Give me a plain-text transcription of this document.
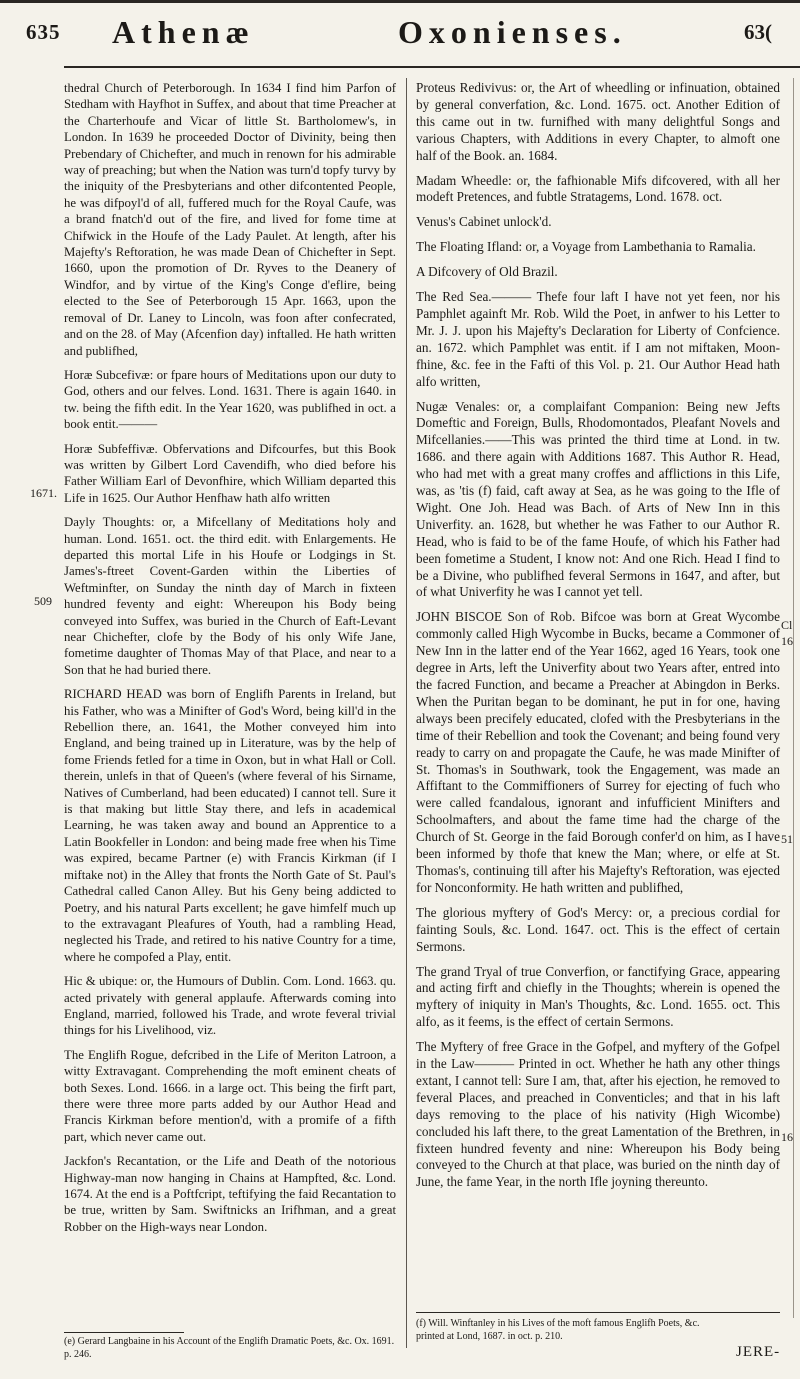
635 Athenæ	Oxonienses.	63(
1671.
509
Cl
16
51
16

thedral Church of Peterborough. In 1634 I find him Parfon of Stedham with Hayfhot in Suffex, and about that time Preacher at the Charterhoufe and Vicar of little St. Bartholomew's, in London. In 1639 he proceeded Doctor of Divinity, being then Prebendary of Chichefter, and much in renown for his admirable way of preaching; but when the Nation was turn'd topfy turvy by the iniquity of the Presbyterians and other difcontented People, he was difpoyl'd of all, fuffered much for the Royal Caufe, was a brand fnatch'd out of the fire, and lived for fome time at Chifwick in the Houfe of the Lady Paulet. At length, after his Majefty's Reftoration, he was made Dean of Chichefter in Sept. 1660, upon the promotion of Dr. Ryves to the Deanery of Windfor, and by virtue of the King's Conge d'eflire, being elected to the See of Peterborough 15 Apr. 1663, upon the removal of Dr. Laney to Lincoln, was foon after confecrated, and on the 28. of May (Afcenfion day) inftalled. He hath written and publifhed,

Horæ Subcefivæ: or fpare hours of Meditations upon our duty to God, others and our felves. Lond. 1631. There is again 1640. in tw. being the fifth edit. In the Year 1620, was publifhed in oct. a book entit.———

Horæ Subfeffivæ. Obfervations and Difcourfes, but this Book was written by Gilbert Lord Cavendifh, who died before his Father William Earl of Devonfhire, which William departed this Life in 1625. Our Author Henfhaw hath alfo written

Dayly Thoughts: or, a Mifcellany of Meditations holy and human. Lond. 1651. oct. the third edit. with Enlargements. He departed this mortal Life in his Houfe or Lodgings in St. James's-ftreet Covent-Garden within the Liberties of Weftminfter, on Sunday the ninth day of March in fixteen hundred feventy and eight: Whereupon his Body being conveyed into Suffex, was buried in the Church of Eaft-Levant near Chichefter, clofe by the Body of his only Wife Jane, fometime daughter of Thomas May of that Place, and near to a Son that he had buried there.

RICHARD HEAD was born of Englifh Parents in Ireland, but his Father, who was a Minifter of God's Word, being kill'd in the Rebellion there, an. 1641, the Mother conveyed him into England, and being trained up in Literature, was by the help of fome Friends fetled for a time in Oxon, but in what Hall or Coll. therein, unlefs in that of Queen's (where feveral of his Sirname, Natives of Cumberland, had been educated) I cannot tell. Sure it is that making but little Stay there, and lefs in academical Learning, he was taken away and bound an Apprentice to a Latin Bookfeller in London: and being made free when his Time was expired, became Partner (e) with Francis Kirkman (if I miftake not) in the Alley that fronts the North Gate of St. Paul's Cathedral called Canon Alley. But his Geny being addicted to Poetry, and his natural Parts excellent; he gave himfelf much up to the extravagant Pleafures of Youth, had a rambling Head, neglected his Trade, and retired to his native Country for a time, where he compofed a Play, entit.

Hic & ubique: or, the Humours of Dublin. Com. Lond. 1663. qu. acted privately with general applaufe. Afterwards coming into England, married, followed his Trade, and wrote feveral trivial things for his Livelihood, viz.

The Englifh Rogue, defcribed in the Life of Meriton Latroon, a witty Extravagant. Comprehending the moft eminent cheats of both Sexes. Lond. 1666. in a large oct. This being the firft part, there were three more parts added by our Author Head and Francis Kirkman before mention'd, with a promife of a fifth part, which never came out.

Jackfon's Recantation, or the Life and Death of the notorious Highway-man now hanging in Chains at Hampfted, &c. Lond. 1674. At the end is a Poftfcript, teftifying the faid Recantation to be true, written by Sam. Swiftnicks an Irifhman, and a great Robber on the High-ways near London.

(e) Gerard Langbaine in his Account of the Englifh Dramatic Poets, &c. Ox. 1691. p. 246.

Proteus Redivivus: or, the Art of wheedling or infinuation, obtained by general converfation, &c. Lond. 1675. oct. Another Edition of this came out in tw. furnifhed with many delightful Songs and various Chapters, with Additions in every Chapter, to almoft one half of the Book. an. 1684.

Madam Wheedle: or, the fafhionable Mifs difcovered, with all her modeft Pretences, and fubtle Stratagems, Lond. 1678. oct.

Venus's Cabinet unlock'd.

The Floating Ifland: or, a Voyage from Lambethania to Ramalia.

A Difcovery of Old Brazil.

The Red Sea.——— Thefe four laft I have not yet feen, nor his Pamphlet againft Mr. Rob. Wild the Poet, in anfwer to his Letter to Mr. J. J. upon his Majefty's Declaration for Liberty of Confcience. an. 1672. which Pamphlet was entit. if I am not miftaken, Moon-fhine, &c. fee in the Fafti of this Vol. p. 21. Our Author Head hath alfo written,

Nugæ Venales: or, a complaifant Companion: Being new Jefts Domeftic and Foreign, Bulls, Rhodomontados, Pleafant Novels and Mifcellanies.——This was printed the third time at Lond. in tw. 1686. and there again with Additions 1687. This Author R. Head, who had met with a great many croffes and afflictions in this Life, was, as 'tis (f) faid, caft away at Sea, as he was going to the Ifle of Wight. One Joh. Head was Bach. of Arts of New Inn in this Univerfity. an. 1628, but whether he was Father to our Author R. Head, who is faid to be of the fame Houfe, of which his Father had been fometime a Student, I know not: And one Rich. Head I find to be a Divine, who publifhed feveral Sermons in 1647, and after, but of what Univerfity he was I cannot yet tell.

JOHN BISCOE Son of Rob. Bifcoe was born at Great Wycombe commonly called High Wycombe in Bucks, became a Commoner of New Inn in the latter end of the Year 1662, aged 16 Years, took one degree in Arts, left the Univerfity about two Years after, entred into the facred Function, and became a Preacher at Abingdon in Berks. When the Puritan began to be dominant, he put in for one, having always been precifely educated, clofed with the Presbyterians in the time of their Rebellion and took the Covenant; and being found very ready to carry on and propagate the Caufe, he was made Minifter of St. Thomas's in Southwark, took the Engagement, was made an Affiftant to the Commiffioners of Surrey for ejecting of fuch who were called fcandalous, ignorant and infufficient Minifters and Schoolmafters, and about the fame time had the charge of the Church of St. George in the faid Borough confer'd on him, as I have been informed by thofe that knew the Man; where, or elfe at St. Thomas's, continuing till after his Majefty's Reftoration, was ejected for Nonconformity. He hath written and publifhed,

The glorious myftery of God's Mercy: or, a precious cordial for fainting Souls, &c. Lond. 1647. oct. This is the effect of certain Sermons.

The grand Tryal of true Converfion, or fanctifying Grace, appearing and acting firft and chiefly in the Thoughts; wherein is opened the myftery of iniquity in Man's Thoughts, &c. Lond. 1655. oct. This alfo, as it feems, is the effect of certain Sermons.

The Myftery of free Grace in the Gofpel, and myftery of the Gofpel in the Law——— Printed in oct. Whether he hath any other things extant, I cannot tell: Sure I am, that, after his ejection, he removed to feveral Places, and preached in Conventicles; and that in his laft days removing to the place of his nativity (High Wicombe) concluded his laft there, to the great Lamentation of the Brethren, in fixteen hundred feventy and nine: Whereupon his Body being conveyed to the Church at that place, was buried on the ninth day of June, the fame Year, in the north Ifle joyning thereunto.

(f) Will. Winftanley in his Lives of the moft famous Englifh Poets, &c. printed at Lond, 1687. in oct. p. 210.
JERE-
